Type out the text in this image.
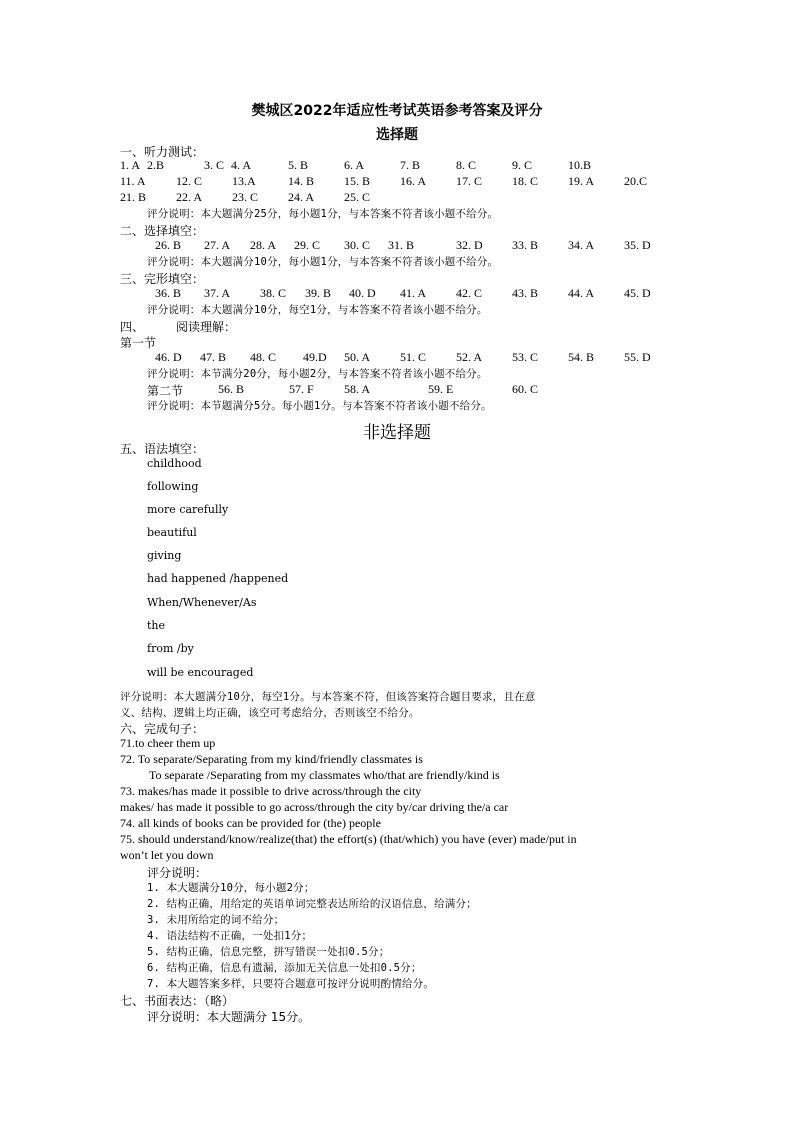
樊城区2022年适应性考试英语参考答案及评分
选择题
一、听力测试：
1. A 2.B	3. C 4. A	5. B	6. A	7. B	8. C	9. C	10.B
11. A	12. C 13.A	14. B 15. B 16. A 17. C 18. C 19. A 20.C
21. B 22. A 23. C 24. A 25. C
评分说明：本大题满分25分，每小题1分，与本答案不符者该小题不给分。
二、选择填空：
26. B 27. A 28. A 29. C 30. C 31. B	32. D 33. B 34. A 35. D
评分说明：本大题满分10分，每小题1分，与本答案不符者该小题不给分。
三、完形填空：
36. B 37. A 38. C 39. B 40. D 41. A 42. C 43. B 44. A 45. D
评分说明：本大题满分10分，每空1分，与本答案不符者该小题不给分。
四、	阅读理解：
第一节
46. D 47. B 48. C 49.D 50. A 51. C 52. A 53. C 54. B 55. D
评分说明：本节满分20分，每小题2分，与本答案不符者该小题不给分。
第二节	56. B	57. F	58. A	59. E	60. C
评分说明：本节题满分5分。每小题1分。与本答案不符者该小题不给分。
非选择题
五、语法填空：
childhood
following
more carefully
beautiful
giving
had happened /happened
When/Whenever/As
the
from /by
will be encouraged
评分说明：本大题满分10分，每空1分。与本答案不符，但该答案符合题目要求，且在意
义、结构、逻辑上均正确，该空可考虑给分，否则该空不给分。
六、完成句子：
71.to cheer them up
72. To separate/Separating from my kind/friendly classmates is
To separate /Separating from my classmates who/that are friendly/kind is
73. makes/has made it possible to drive across/through the city
makes/ has made it possible to go across/through the city by/car driving the/a car
74. all kinds of books can be provided for (the) people
75. should understand/know/realize(that) the effort(s) (that/which) you have (ever) made/put in
won’t let you down
评分说明：
1. 本大题满分10分，每小题2分；
2. 结构正确，用给定的英语单词完整表达所给的汉语信息，给满分；
3. 未用所给定的词不给分；
4. 语法结构不正确，一处扣1分；
5. 结构正确，信息完整，拼写错误一处扣0.5分；
6. 结构正确，信息有遗漏，添加无关信息一处扣0.5分；
7. 本大题答案多样，只要符合题意可按评分说明酌情给分。
七、书面表达：（略）
评分说明：本大题满分 15分。
